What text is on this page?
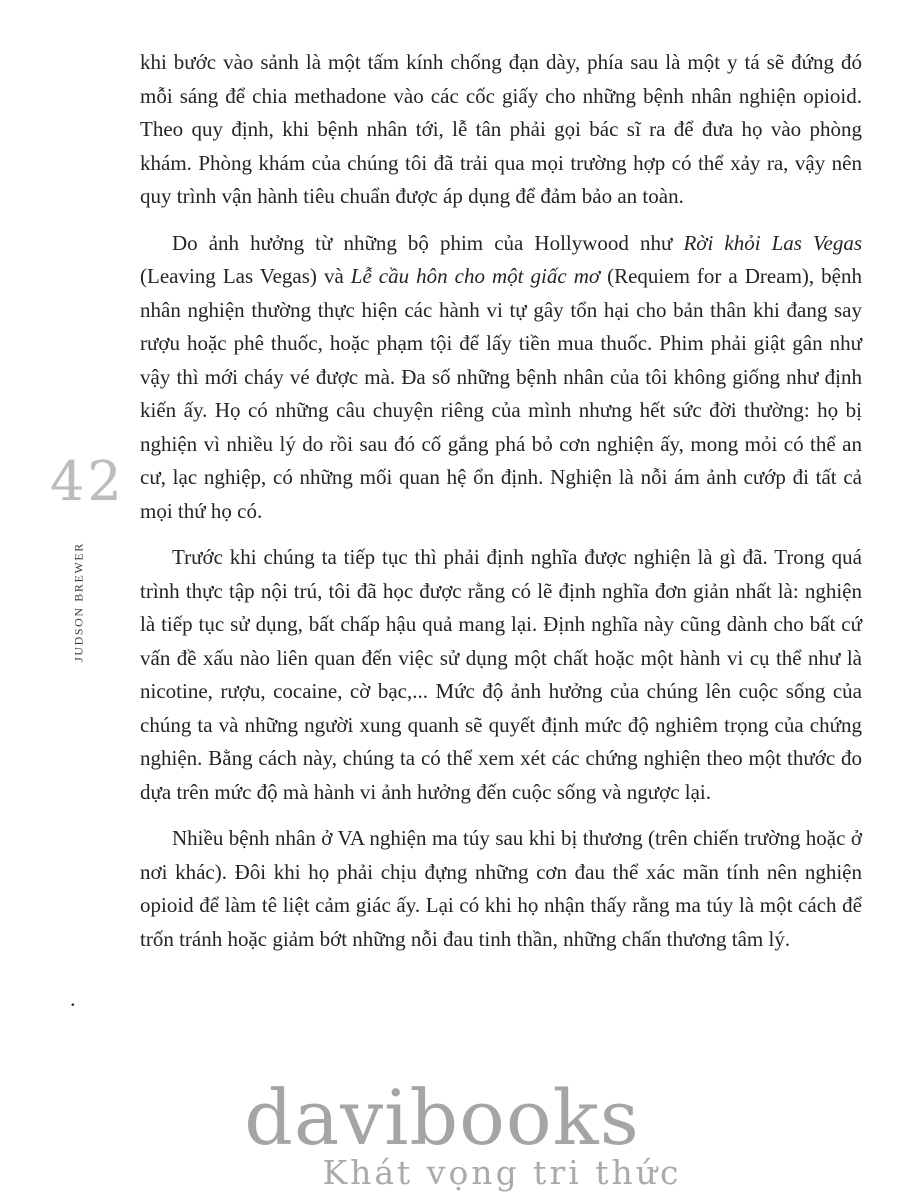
42
JUDSON BREWER
.

khi bước vào sảnh là một tấm kính chống đạn dày, phía sau là một y tá sẽ đứng đó mỗi sáng để chia methadone vào các cốc giấy cho những bệnh nhân nghiện opioid. Theo quy định, khi bệnh nhân tới, lễ tân phải gọi bác sĩ ra để đưa họ vào phòng khám. Phòng khám của chúng tôi đã trải qua mọi trường hợp có thể xảy ra, vậy nên quy trình vận hành tiêu chuẩn được áp dụng để đảm bảo an toàn.

Do ảnh hưởng từ những bộ phim của Hollywood như Rời khỏi Las Vegas (Leaving Las Vegas) và Lễ cầu hôn cho một giấc mơ (Requiem for a Dream), bệnh nhân nghiện thường thực hiện các hành vi tự gây tổn hại cho bản thân khi đang say rượu hoặc phê thuốc, hoặc phạm tội để lấy tiền mua thuốc. Phim phải giật gân như vậy thì mới cháy vé được mà. Đa số những bệnh nhân của tôi không giống như định kiến ấy. Họ có những câu chuyện riêng của mình nhưng hết sức đời thường: họ bị nghiện vì nhiều lý do rồi sau đó cố gắng phá bỏ cơn nghiện ấy, mong mỏi có thể an cư, lạc nghiệp, có những mối quan hệ ổn định. Nghiện là nỗi ám ảnh cướp đi tất cả mọi thứ họ có.

Trước khi chúng ta tiếp tục thì phải định nghĩa được nghiện là gì đã. Trong quá trình thực tập nội trú, tôi đã học được rằng có lẽ định nghĩa đơn giản nhất là: nghiện là tiếp tục sử dụng, bất chấp hậu quả mang lại. Định nghĩa này cũng dành cho bất cứ vấn đề xấu nào liên quan đến việc sử dụng một chất hoặc một hành vi cụ thể như là nicotine, rượu, cocaine, cờ bạc,... Mức độ ảnh hưởng của chúng lên cuộc sống của chúng ta và những người xung quanh sẽ quyết định mức độ nghiêm trọng của chứng nghiện. Bằng cách này, chúng ta có thể xem xét các chứng nghiện theo một thước đo dựa trên mức độ mà hành vi ảnh hưởng đến cuộc sống và ngược lại.

Nhiều bệnh nhân ở VA nghiện ma túy sau khi bị thương (trên chiến trường hoặc ở nơi khác). Đôi khi họ phải chịu đựng những cơn đau thể xác mãn tính nên nghiện opioid để làm tê liệt cảm giác ấy. Lại có khi họ nhận thấy rằng ma túy là một cách để trốn tránh hoặc giảm bớt những nỗi đau tinh thần, những chấn thương tâm lý.

davibooks
Khát vọng tri thức
